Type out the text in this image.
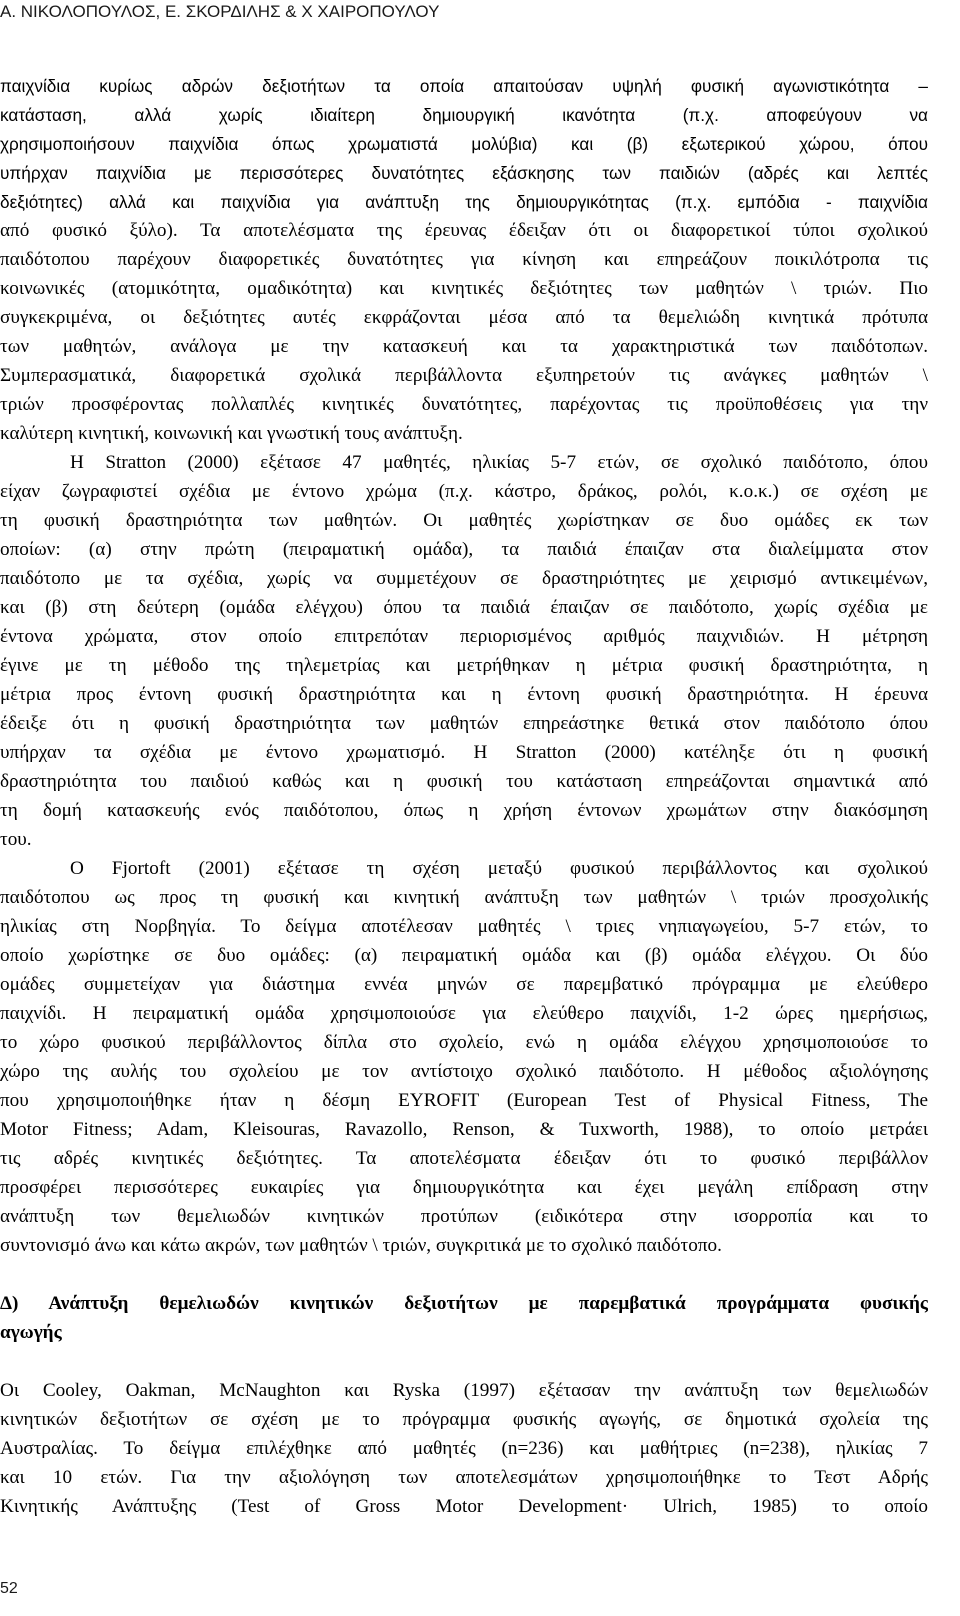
Α. ΝΙΚΟΛΟΠΟΥΛΟΣ, Ε. ΣΚΟΡΔΙΛΗΣ & Χ ΧΑΙΡΟΠΟΥΛΟΥ
παιχνίδια κυρίως αδρών δεξιοτήτων τα οποία απαιτούσαν υψηλή φυσική αγωνιστικότητα –
κατάσταση, αλλά χωρίς ιδιαίτερη δημιουργική ικανότητα (π.χ. αποφεύγουν να
χρησιμοποιήσουν παιχνίδια όπως χρωματιστά μολύβια) και (β) εξωτερικού χώρου, όπου
υπήρχαν παιχνίδια με περισσότερες δυνατότητες εξάσκησης των παιδιών (αδρές και λεπτές
δεξιότητες) αλλά και παιχνίδια για ανάπτυξη της δημιουργικότητας (π.χ. εμπόδια - παιχνίδια
από φυσικό ξύλο). Τα αποτελέσματα της έρευνας έδειξαν ότι οι διαφορετικοί τύποι σχολικού
παιδότοπου παρέχουν διαφορετικές δυνατότητες για κίνηση και επηρεάζουν ποικιλότροπα τις
κοινωνικές (ατομικότητα, ομαδικότητα) και κινητικές δεξιότητες των μαθητών \ τριών. Πιο
συγκεκριμένα, οι δεξιότητες αυτές εκφράζονται μέσα από τα θεμελιώδη κινητικά πρότυπα
των μαθητών, ανάλογα με την κατασκευή και τα χαρακτηριστικά των παιδότοπων.
Συμπερασματικά, διαφορετικά σχολικά περιβάλλοντα εξυπηρετούν τις ανάγκες μαθητών \
τριών προσφέροντας πολλαπλές κινητικές δυνατότητες, παρέχοντας τις προϋποθέσεις για την
καλύτερη κινητική, κοινωνική και γνωστική τους ανάπτυξη.
Η Stratton (2000) εξέτασε 47 μαθητές, ηλικίας 5-7 ετών, σε σχολικό παιδότοπο, όπου
είχαν ζωγραφιστεί σχέδια με έντονο χρώμα (π.χ. κάστρο, δράκος, ρολόι, κ.ο.κ.) σε σχέση με
τη φυσική δραστηριότητα των μαθητών. Οι μαθητές χωρίστηκαν σε δυο ομάδες εκ των
οποίων: (α) στην πρώτη (πειραματική ομάδα), τα παιδιά έπαιζαν στα διαλείμματα στον
παιδότοπο με τα σχέδια, χωρίς να συμμετέχουν σε δραστηριότητες με χειρισμό αντικειμένων,
και (β) στη δεύτερη (ομάδα ελέγχου) όπου τα παιδιά έπαιζαν σε παιδότοπο, χωρίς σχέδια με
έντονα χρώματα, στον οποίο επιτρεπόταν περιορισμένος αριθμός παιχνιδιών. Η μέτρηση
έγινε με τη μέθοδο της τηλεμετρίας και μετρήθηκαν η μέτρια φυσική δραστηριότητα, η
μέτρια προς έντονη φυσική δραστηριότητα και η έντονη φυσική δραστηριότητα. Η έρευνα
έδειξε ότι η φυσική δραστηριότητα των μαθητών επηρεάστηκε θετικά στον παιδότοπο όπου
υπήρχαν τα σχέδια με έντονο χρωματισμό. Η Stratton (2000) κατέληξε ότι η φυσική
δραστηριότητα του παιδιού καθώς και η φυσική του κατάσταση επηρεάζονται σημαντικά από
τη δομή κατασκευής ενός παιδότοπου, όπως η χρήση έντονων χρωμάτων στην διακόσμηση
του.
Ο Fjortoft (2001) εξέτασε τη σχέση μεταξύ φυσικού περιβάλλοντος και σχολικού
παιδότοπου ως προς τη φυσική και κινητική ανάπτυξη των μαθητών \ τριών προσχολικής
ηλικίας στη Νορβηγία. Το δείγμα αποτέλεσαν μαθητές \ τριες νηπιαγωγείου, 5-7 ετών, το
οποίο χωρίστηκε σε δυο ομάδες: (α) πειραματική ομάδα και (β) ομάδα ελέγχου. Οι δύο
ομάδες συμμετείχαν για διάστημα εννέα μηνών σε παρεμβατικό πρόγραμμα με ελεύθερο
παιχνίδι. Η πειραματική ομάδα χρησιμοποιούσε για ελεύθερο παιχνίδι, 1-2 ώρες ημερήσιως,
το χώρο φυσικού περιβάλλοντος δίπλα στο σχολείο, ενώ η ομάδα ελέγχου χρησιμοποιούσε το
χώρο της αυλής του σχολείου με τον αντίστοιχο σχολικό παιδότοπο. Η μέθοδος αξιολόγησης
που χρησιμοποιήθηκε ήταν η δέσμη EYROFIT (European Test of Physical Fitness, The
Motor Fitness; Adam, Kleisouras, Ravazollo, Renson, & Tuxworth, 1988), το οποίο μετράει
τις αδρές κινητικές δεξιότητες. Τα αποτελέσματα έδειξαν ότι το φυσικό περιβάλλον
προσφέρει περισσότερες ευκαιρίες για δημιουργικότητα και έχει μεγάλη επίδραση στην
ανάπτυξη των θεμελιωδών κινητικών προτύπων (ειδικότερα στην ισορροπία και το
συντονισμό άνω και κάτω ακρών, των μαθητών \ τριών, συγκριτικά με το σχολικό παιδότοπο.
Δ) Ανάπτυξη θεμελιωδών κινητικών δεξιοτήτων με παρεμβατικά προγράμματα φυσικής
αγωγής
Οι Cooley, Oakman, McNaughton και Ryska (1997) εξέτασαν την ανάπτυξη των θεμελιωδών
κινητικών δεξιοτήτων σε σχέση με το πρόγραμμα φυσικής αγωγής, σε δημοτικά σχολεία της
Αυστραλίας. Το δείγμα επιλέχθηκε από μαθητές (n=236) και μαθήτριες (n=238), ηλικίας 7
και 10 ετών. Για την αξιολόγηση των αποτελεσμάτων χρησιμοποιήθηκε το Τεστ Αδρής
Κινητικής Ανάπτυξης (Test of Gross Motor Development· Ulrich, 1985) το οποίο
52
